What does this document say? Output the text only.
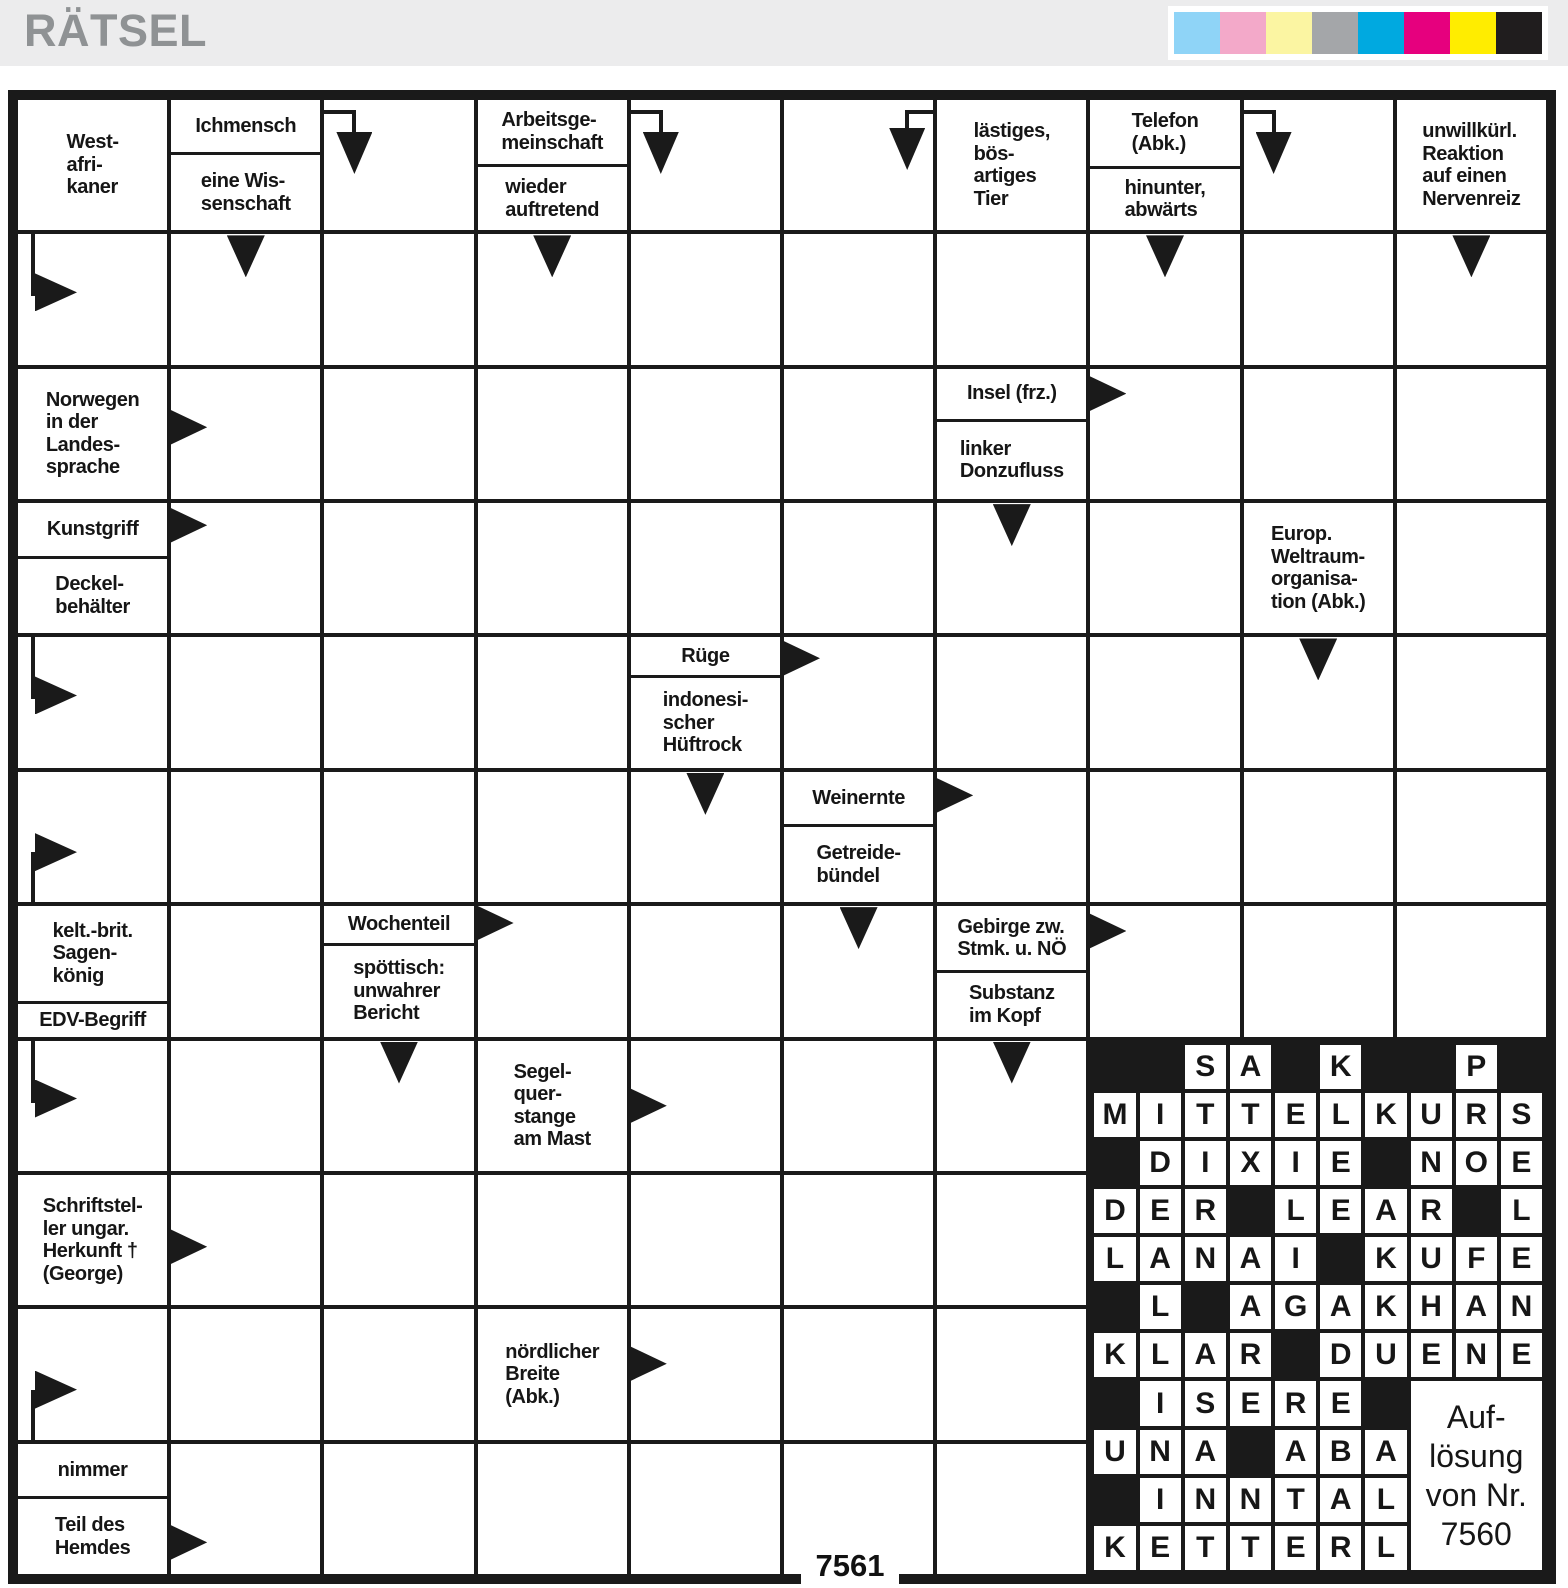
RÄTSEL
West-
afri-
kaner
Ichmensch
eine Wis-
senschaft
Arbeitsge-
meinschaft
wieder
auftretend
lästiges,
bös-
artiges
Tier
Telefon
(Abk.)
hinunter,
abwärts
unwillkürl.
Reaktion
auf einen
Nervenreiz
Norwegen
in der
Landes-
sprache
Insel (frz.)
linker
Donzufluss
Kunstgriff
Deckel-
behälter
Europ.
Weltraum-
organisa-
tion (Abk.)
Rüge
indonesi-
scher
Hüftrock
Weinernte
Getreide-
bündel
kelt.-brit.
Sagen-
könig
EDV-Begriff
Wochenteil
spöttisch:
unwahrer
Bericht
Gebirge zw.
Stmk. u. NÖ
Substanz
im Kopf
Segel-
quer-
stange
am Mast
Schriftstel-
ler ungar.
Herkunft †
(George)
nördlicher
Breite
(Abk.)
nimmer
Teil des
Hemdes
S A	K	P
M I	T T E L K U R S
D	I	X	I	E	N O E
D E R	L E A R	L
L A N A	I	K U F E
L	A G A K H A N
K L A R	D U E N E
I	S E R E	Auf-
lösung
von Nr.
7560
U N A	A B A
I	N N T A L
K E T T E R L
7561
